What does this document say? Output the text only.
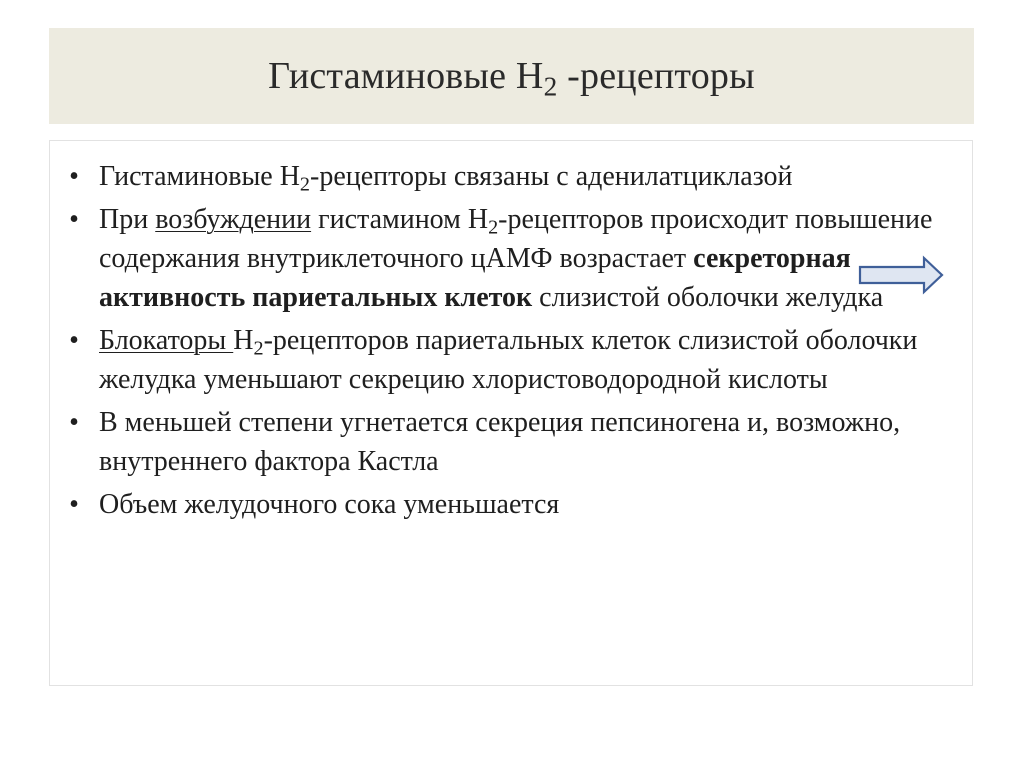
Гистаминовые $Н_2$ -рецепторы
• Гистаминовые $Н_2$-рецепторы связаны с аденилатциклазой
• При возбуждении гистамином $Н_2$-рецепторов происходит повышение содержания внутриклеточного цАМФ возрастает секреторная активность париетальных клеток слизистой оболочки желудка
• Блокаторы $Н_2$-рецепторов париетальных клеток слизистой оболочки желудка уменьшают секрецию хлористоводородной кислоты
• В меньшей степени угнетается секреция пепсиногена и, возможно, внутреннего фактора Кастла
• Объем желудочного сока уменьшается
